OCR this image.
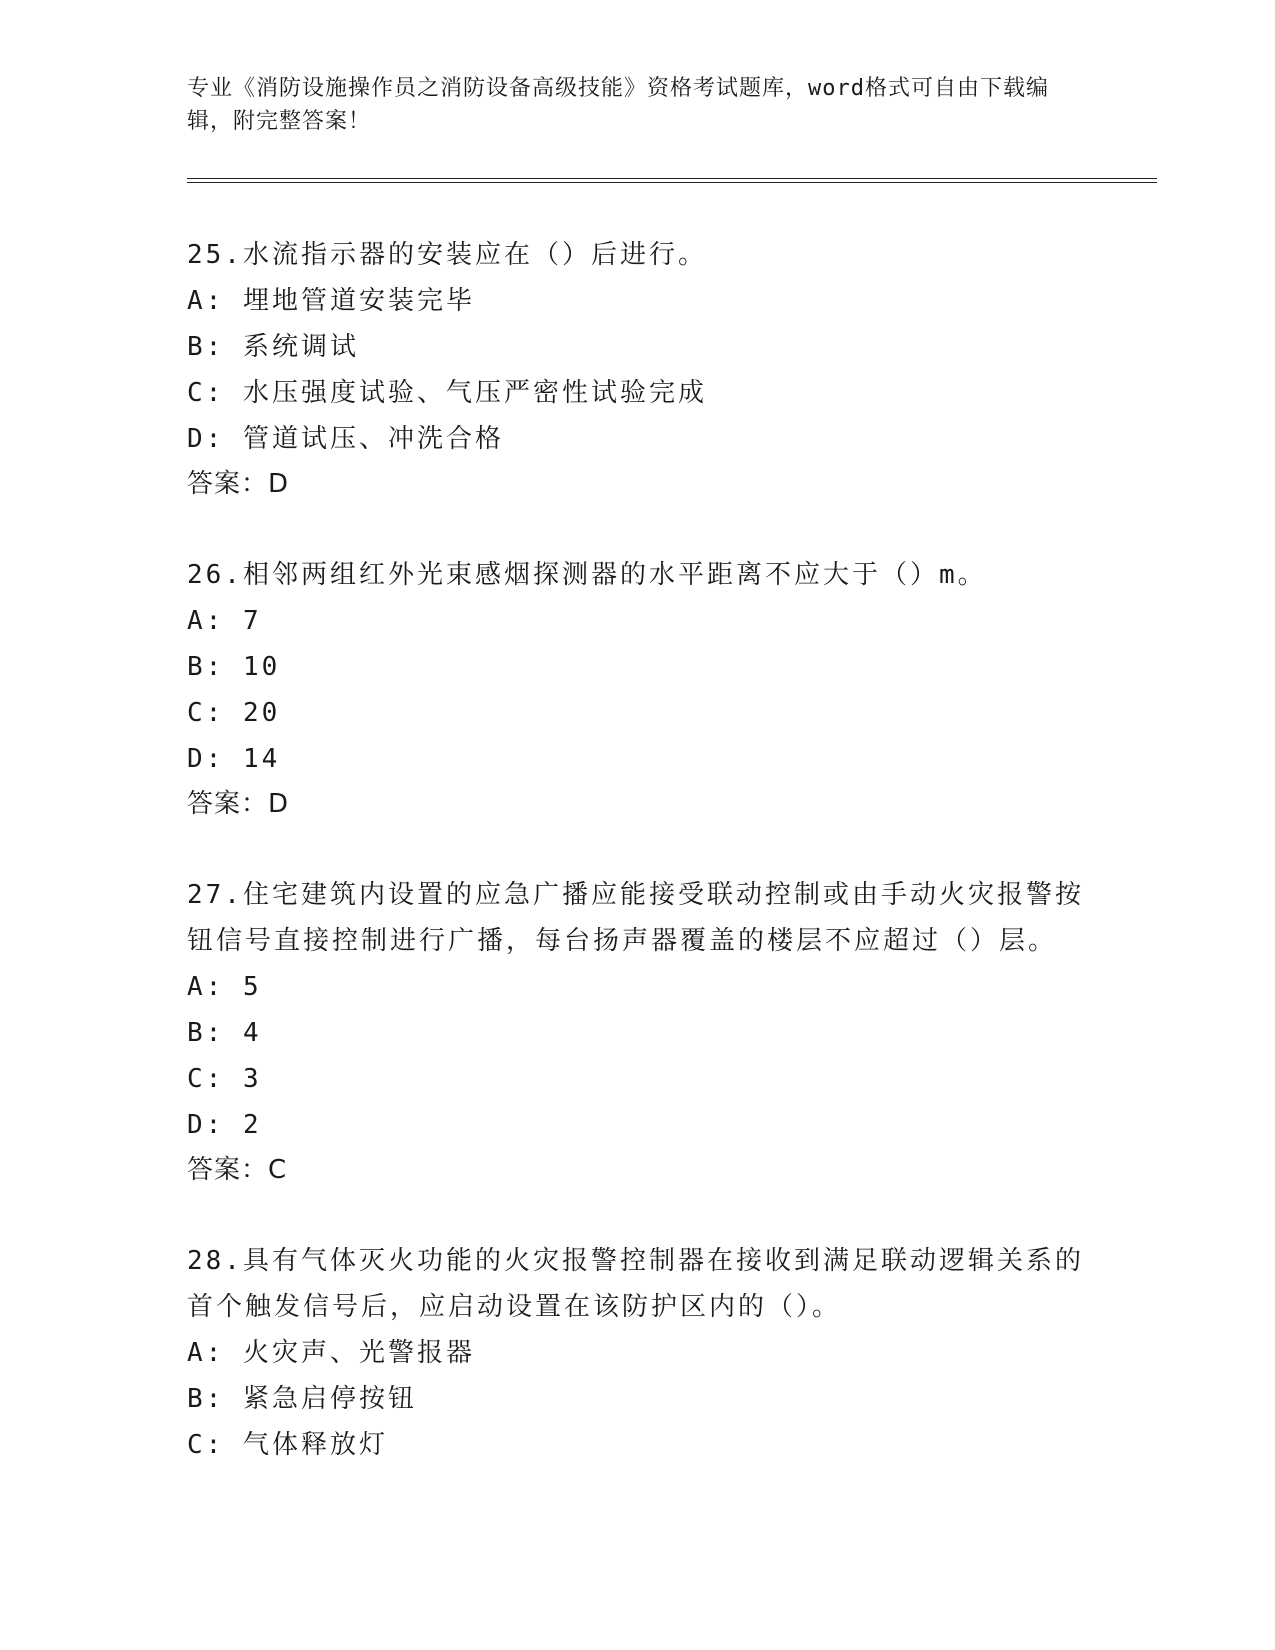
专业《消防设施操作员之消防设备高级技能》资格考试题库，word格式可自由下载编辑，附完整答案！

25.水流指示器的安装应在（）后进行。

A: 埋地管道安装完毕

B: 系统调试

C: 水压强度试验、气压严密性试验完成

D: 管道试压、冲洗合格

答案：D

26.相邻两组红外光束感烟探测器的水平距离不应大于（）m。

A: 7

B: 10

C: 20

D: 14

答案：D

27.住宅建筑内设置的应急广播应能接受联动控制或由手动火灾报警按钮信号直接控制进行广播，每台扬声器覆盖的楼层不应超过（）层。

A: 5

B: 4

C: 3

D: 2

答案：C

28.具有气体灭火功能的火灾报警控制器在接收到满足联动逻辑关系的首个触发信号后，应启动设置在该防护区内的（）。

A: 火灾声、光警报器

B: 紧急启停按钮

C: 气体释放灯
